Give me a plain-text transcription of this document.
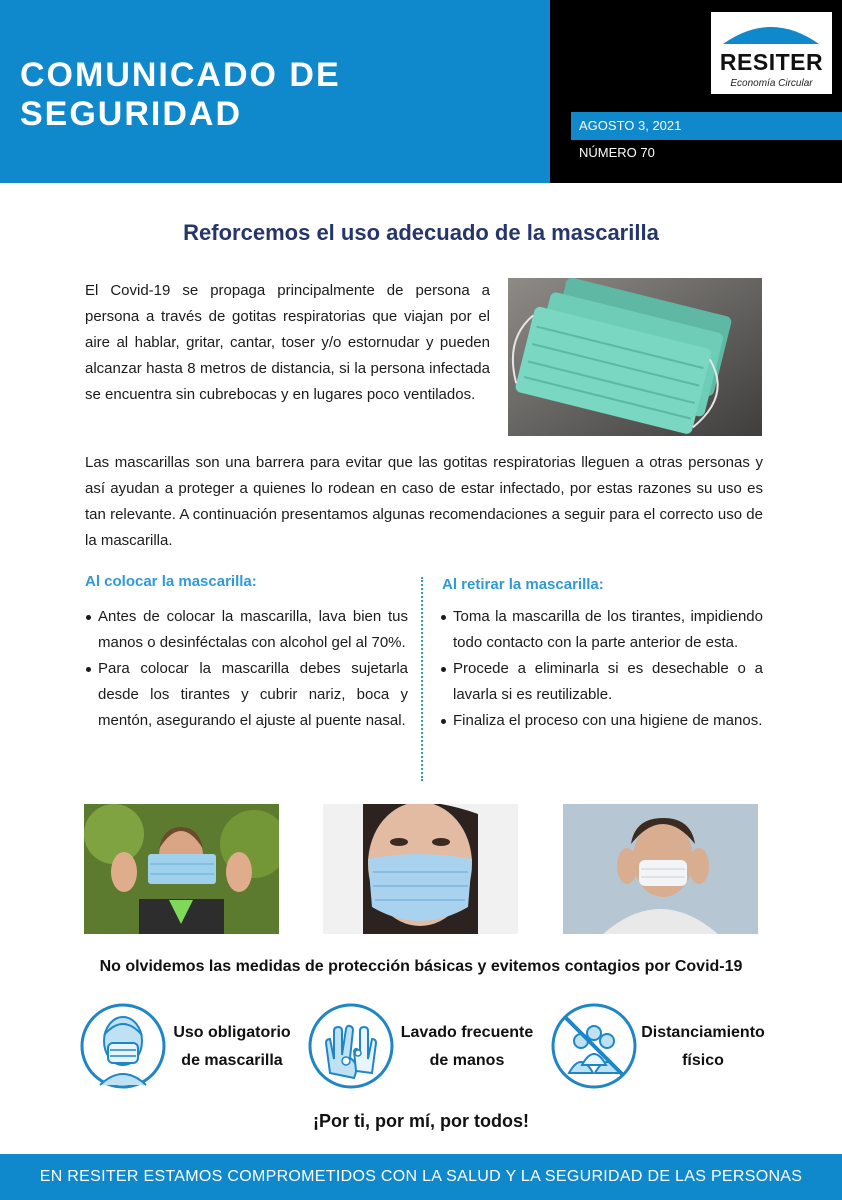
COMUNICADO DE
SEGURIDAD
RESITER
Economía Circular
AGOSTO 3, 2021
NÚMERO 70
Reforcemos el uso adecuado de la mascarilla

El Covid-19 se propaga principalmente de persona a persona a través de gotitas respiratorias que viajan por el aire al hablar, gritar, cantar, toser y/o estornudar y pueden alcanzar hasta 8 metros de distancia, si la persona infectada se encuentra sin cubrebocas y en lugares poco ventilados.

Las mascarillas son una barrera para evitar que las gotitas respiratorias lleguen a otras personas y así ayudan a proteger a quienes lo rodean en caso de estar infectado, por estas razones su uso es tan relevante. A continuación presentamos algunas recomendaciones a seguir para el correcto uso de la mascarilla.

Al colocar la mascarilla:
Antes de colocar la mascarilla, lava bien tus manos o desinféctalas con alcohol gel al 70%.
Para colocar la mascarilla debes sujetarla desde los tirantes y cubrir nariz, boca y mentón, asegurando el ajuste al puente nasal.
Al retirar la mascarilla:
Toma la mascarilla de los tirantes, impidiendo todo contacto con la parte anterior de esta.
Procede a eliminarla si es desechable o a lavarla si es reutilizable.
Finaliza el proceso con una higiene de manos.
No olvidemos las medidas de protección básicas y evitemos contagios por Covid-19
Uso obligatorio
de mascarilla
Lavado frecuente
de manos
Distanciamiento
físico
¡Por ti, por mí, por todos!
EN RESITER ESTAMOS COMPROMETIDOS CON LA SALUD Y LA SEGURIDAD DE LAS PERSONAS
